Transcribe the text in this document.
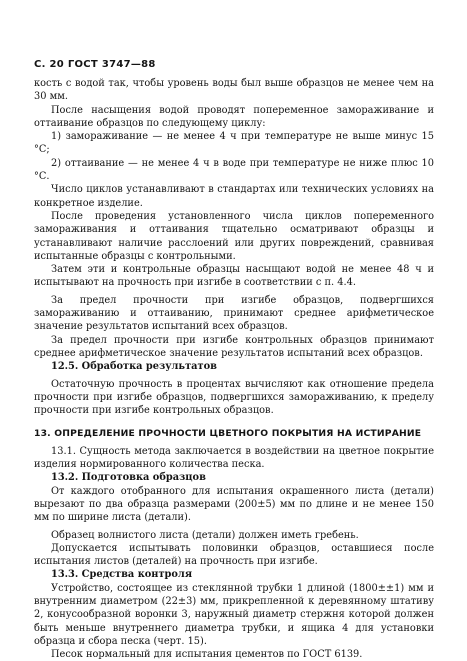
С. 20 ГОСТ 3747—88

кость с водой так, чтобы уровень воды был выше образцов не менее чем на 30 мм.

После насыщения водой проводят попеременное замораживание и оттаивание образцов по следующему циклу:

1) замораживание — не менее 4 ч при температуре не выше минус 15 °С;

2) оттаивание — не менее 4 ч в воде при температуре не ниже плюс 10 °С.

Число циклов устанавливают в стандартах или технических условиях на конкретное изделие.

После проведения установленного числа циклов попеременного замораживания и оттаивания тщательно осматривают образцы и устанавливают наличие расслоений или других повреждений, сравнивая испытанные образцы с контрольными.

Затем эти и контрольные образцы насыщают водой не менее 48 ч и испытывают на прочность при изгибе в соответствии с п. 4.4.

За предел прочности при изгибе образцов, подвергшихся замораживанию и оттаиванию, принимают среднее арифметическое значение результатов испытаний всех образцов.

За предел прочности при изгибе контрольных образцов принимают среднее арифметическое значение результатов испытаний всех образцов.

12.5. Обработка результатов

Остаточную прочность в процентах вычисляют как отношение предела прочности при изгибе образцов, подвергшихся замораживанию, к пределу прочности при изгибе контрольных образцов.

13. ОПРЕДЕЛЕНИЕ ПРОЧНОСТИ ЦВЕТНОГО ПОКРЫТИЯ НА ИСТИРАНИЕ

13.1. Сущность метода заключается в воздействии на цветное покрытие изделия нормированного количества песка.

13.2. Подготовка образцов

От каждого отобранного для испытания окрашенного листа (детали) вырезают по два образца размерами (200±5) мм по длине и не менее 150 мм по ширине листа (детали).

Образец волнистого листа (детали) должен иметь гребень.

Допускается испытывать половинки образцов, оставшиеся после испытания листов (деталей) на прочность при изгибе.

13.3. Средства контроля

Устройство, состоящее из стеклянной трубки 1 длиной (1800±±1) мм и внутренним диаметром (22±3) мм, прикрепленной к деревянному штативу 2, конусообразной воронки 3, наружный диаметр стержня которой должен быть меньше внутреннего диаметра трубки, и ящика 4 для установки образца и сбора песка (черт. 15).

Песок нормальный для испытания цементов по ГОСТ 6139.
